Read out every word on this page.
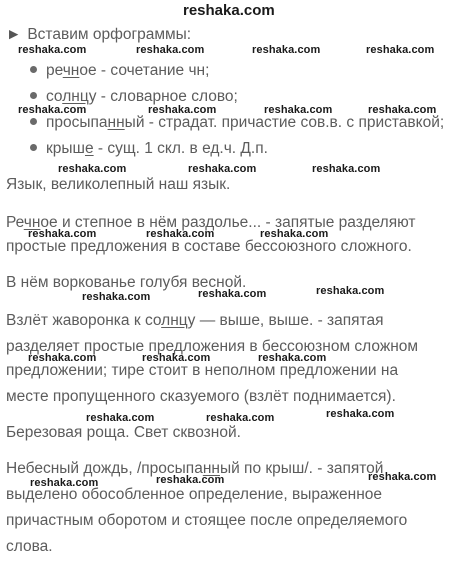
reshaka.com
► Вставим орфограммы:
речное - сочетание чн;
солнцу - словарное слово;
просыпанный - страдат. причастие сов.в. с приставкой;
крыше - сущ. 1 скл. в ед.ч. Д.п.
Язык, великолепный наш язык.
Речное и степное в нём раздолье... - запятые разделяют
простые предложения в составе бессоюзного сложного.
В нём воркованье голубя весной.
Взлёт жаворонка к солнцу — выше, выше. - запятая
разделяет простые предложения в бессоюзном сложном
предложении; тире стоит в неполном предложении на
месте пропущенного сказуемого (взлёт поднимается).
Березовая роща. Свет сквозной.
Небесный дождь, /просыпанный по крыш/. - запятой
выделено обособленное определение, выраженное
причастным оборотом и стоящее после определяемого
слова.
reshaka.com	reshaka.com	reshaka.com	reshaka.com
reshaka.com	reshaka.com	reshaka.com	reshaka.com
reshaka.com	reshaka.com	reshaka.com
reshaka.com	reshaka.com	reshaka.com
reshaka.com	reshaka.com	reshaka.com
reshaka.com	reshaka.com	reshaka.com
reshaka.com	reshaka.com	reshaka.com
reshaka.com	reshaka.com	reshaka.com
